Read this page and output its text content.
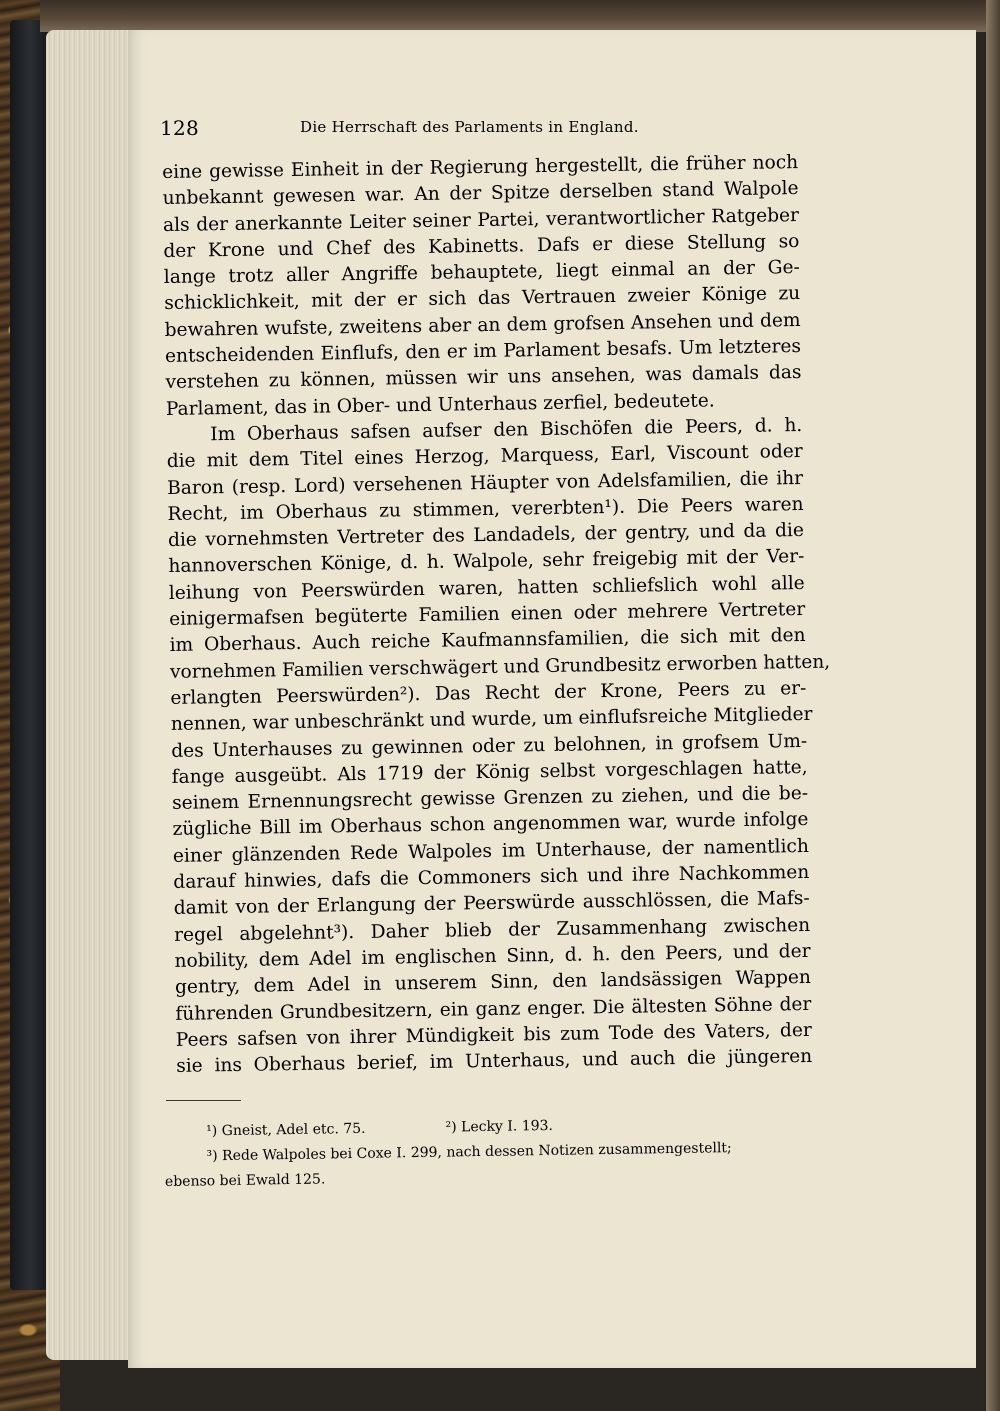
128	Die Herrschaft des Parlaments in England.
eine gewisse Einheit in der Regierung hergestellt, die früher noch
unbekannt gewesen war. An der Spitze derselben stand Walpole
als der anerkannte Leiter seiner Partei, verantwortlicher Ratgeber
der Krone und Chef des Kabinetts. Dafs er diese Stellung so
lange trotz aller Angriffe behauptete, liegt einmal an der Ge-
schicklichkeit, mit der er sich das Vertrauen zweier Könige zu
bewahren wufste, zweitens aber an dem grofsen Ansehen und dem
entscheidenden Einflufs, den er im Parlament besafs. Um letzteres
verstehen zu können, müssen wir uns ansehen, was damals das
Parlament, das in Ober- und Unterhaus zerfiel, bedeutete.
Im Oberhaus safsen aufser den Bischöfen die Peers, d. h.
die mit dem Titel eines Herzog, Marquess, Earl, Viscount oder
Baron (resp. Lord) versehenen Häupter von Adelsfamilien, die ihr
Recht, im Oberhaus zu stimmen, vererbten¹). Die Peers waren
die vornehmsten Vertreter des Landadels, der gentry, und da die
hannoverschen Könige, d. h. Walpole, sehr freigebig mit der Ver-
leihung von Peerswürden waren, hatten schliefslich wohl alle
einigermafsen begüterte Familien einen oder mehrere Vertreter
im Oberhaus. Auch reiche Kaufmannsfamilien, die sich mit den
vornehmen Familien verschwägert und Grundbesitz erworben hatten,
erlangten Peerswürden²). Das Recht der Krone, Peers zu er-
nennen, war unbeschränkt und wurde, um einflufsreiche Mitglieder
des Unterhauses zu gewinnen oder zu belohnen, in grofsem Um-
fange ausgeübt. Als 1719 der König selbst vorgeschlagen hatte,
seinem Ernennungsrecht gewisse Grenzen zu ziehen, und die be-
zügliche Bill im Oberhaus schon angenommen war, wurde infolge
einer glänzenden Rede Walpoles im Unterhause, der namentlich
darauf hinwies, dafs die Commoners sich und ihre Nachkommen
damit von der Erlangung der Peerswürde ausschlössen, die Mafs-
regel abgelehnt³). Daher blieb der Zusammenhang zwischen
nobility, dem Adel im englischen Sinn, d. h. den Peers, und der
gentry, dem Adel in unserem Sinn, den landsässigen Wappen
führenden Grundbesitzern, ein ganz enger. Die ältesten Söhne der
Peers safsen von ihrer Mündigkeit bis zum Tode des Vaters, der
sie ins Oberhaus berief, im Unterhaus, und auch die jüngeren
¹) Gneist, Adel etc. 75.	²) Lecky I. 193.
³) Rede Walpoles bei Coxe I. 299, nach dessen Notizen zusammengestellt;
ebenso bei Ewald 125.
